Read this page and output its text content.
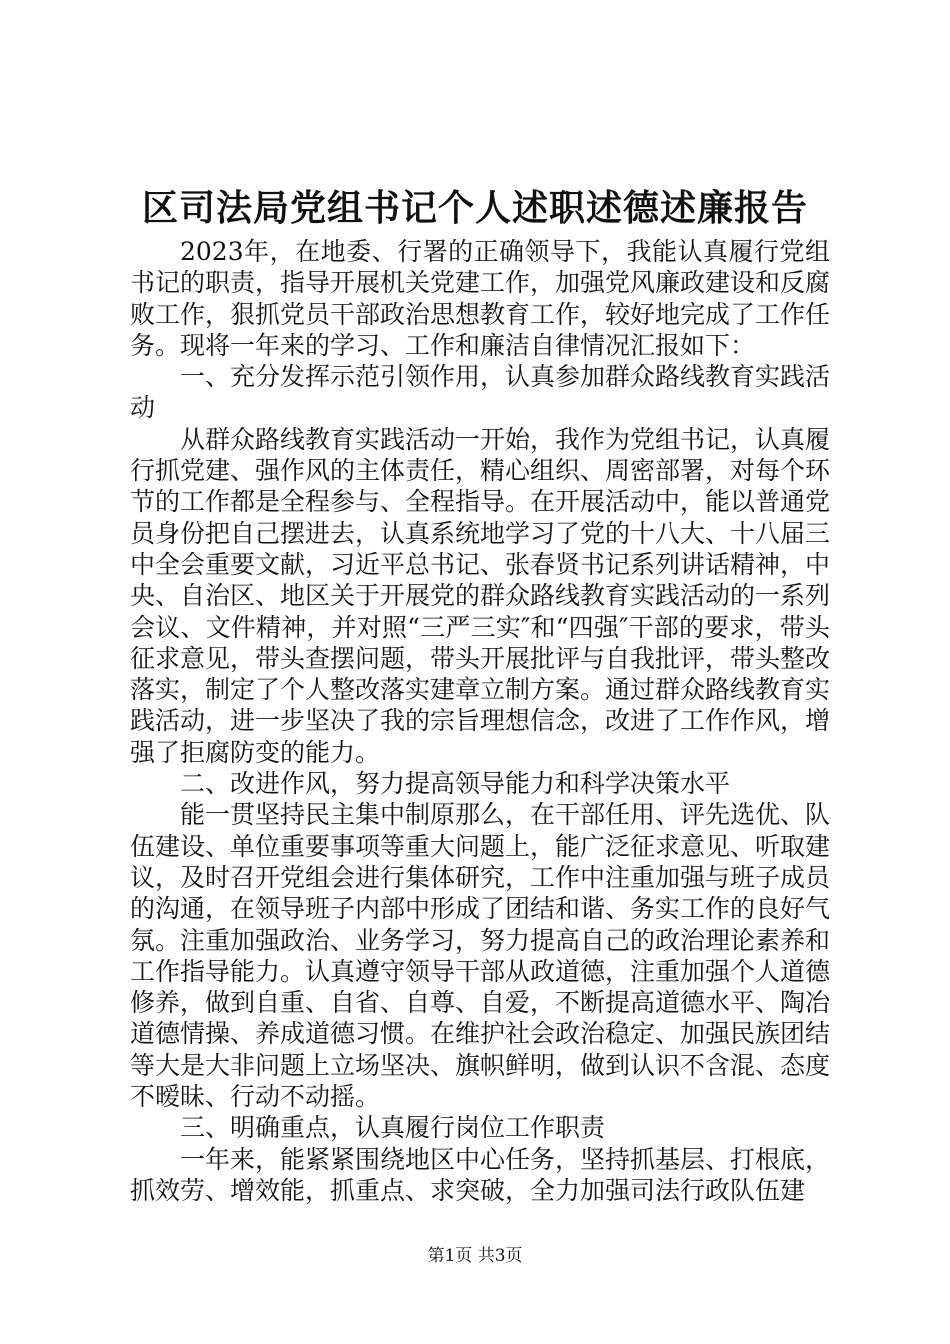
区司法局党组书记个人述职述德述廉报告

2023年，在地委、行署的正确领导下，我能认真履行党组书记的职责，指导开展机关党建工作，加强党风廉政建设和反腐败工作，狠抓党员干部政治思想教育工作，较好地完成了工作任务。现将一年来的学习、工作和廉洁自律情况汇报如下：

一、充分发挥示范引领作用，认真参加群众路线教育实践活动

从群众路线教育实践活动一开始，我作为党组书记，认真履行抓党建、强作风的主体责任，精心组织、周密部署，对每个环节的工作都是全程参与、全程指导。在开展活动中，能以普通党员身份把自己摆进去，认真系统地学习了党的十八大、十八届三中全会重要文献，习近平总书记、张春贤书记系列讲话精神，中央、自治区、地区关于开展党的群众路线教育实践活动的一系列会议、文件精神，并对照“三严三实″和“四强″干部的要求，带头征求意见，带头查摆问题，带头开展批评与自我批评，带头整改落实，制定了个人整改落实建章立制方案。通过群众路线教育实践活动，进一步坚决了我的宗旨理想信念，改进了工作作风，增强了拒腐防变的能力。

二、改进作风，努力提高领导能力和科学决策水平

能一贯坚持民主集中制原那么，在干部任用、评先选优、队伍建设、单位重要事项等重大问题上，能广泛征求意见、听取建议，及时召开党组会进行集体研究，工作中注重加强与班子成员的沟通，在领导班子内部中形成了团结和谐、务实工作的良好气氛。注重加强政治、业务学习，努力提高自己的政治理论素养和工作指导能力。认真遵守领导干部从政道德，注重加强个人道德修养，做到自重、自省、自尊、自爱，不断提高道德水平、陶冶道德情操、养成道德习惯。在维护社会政治稳定、加强民族团结等大是大非问题上立场坚决、旗帜鲜明，做到认识不含混、态度不暧昧、行动不动摇。

三、明确重点，认真履行岗位工作职责

一年来，能紧紧围绕地区中心任务，坚持抓基层、打根底，抓效劳、增效能，抓重点、求突破，全力加强司法行政队伍建

第1页 共3页
